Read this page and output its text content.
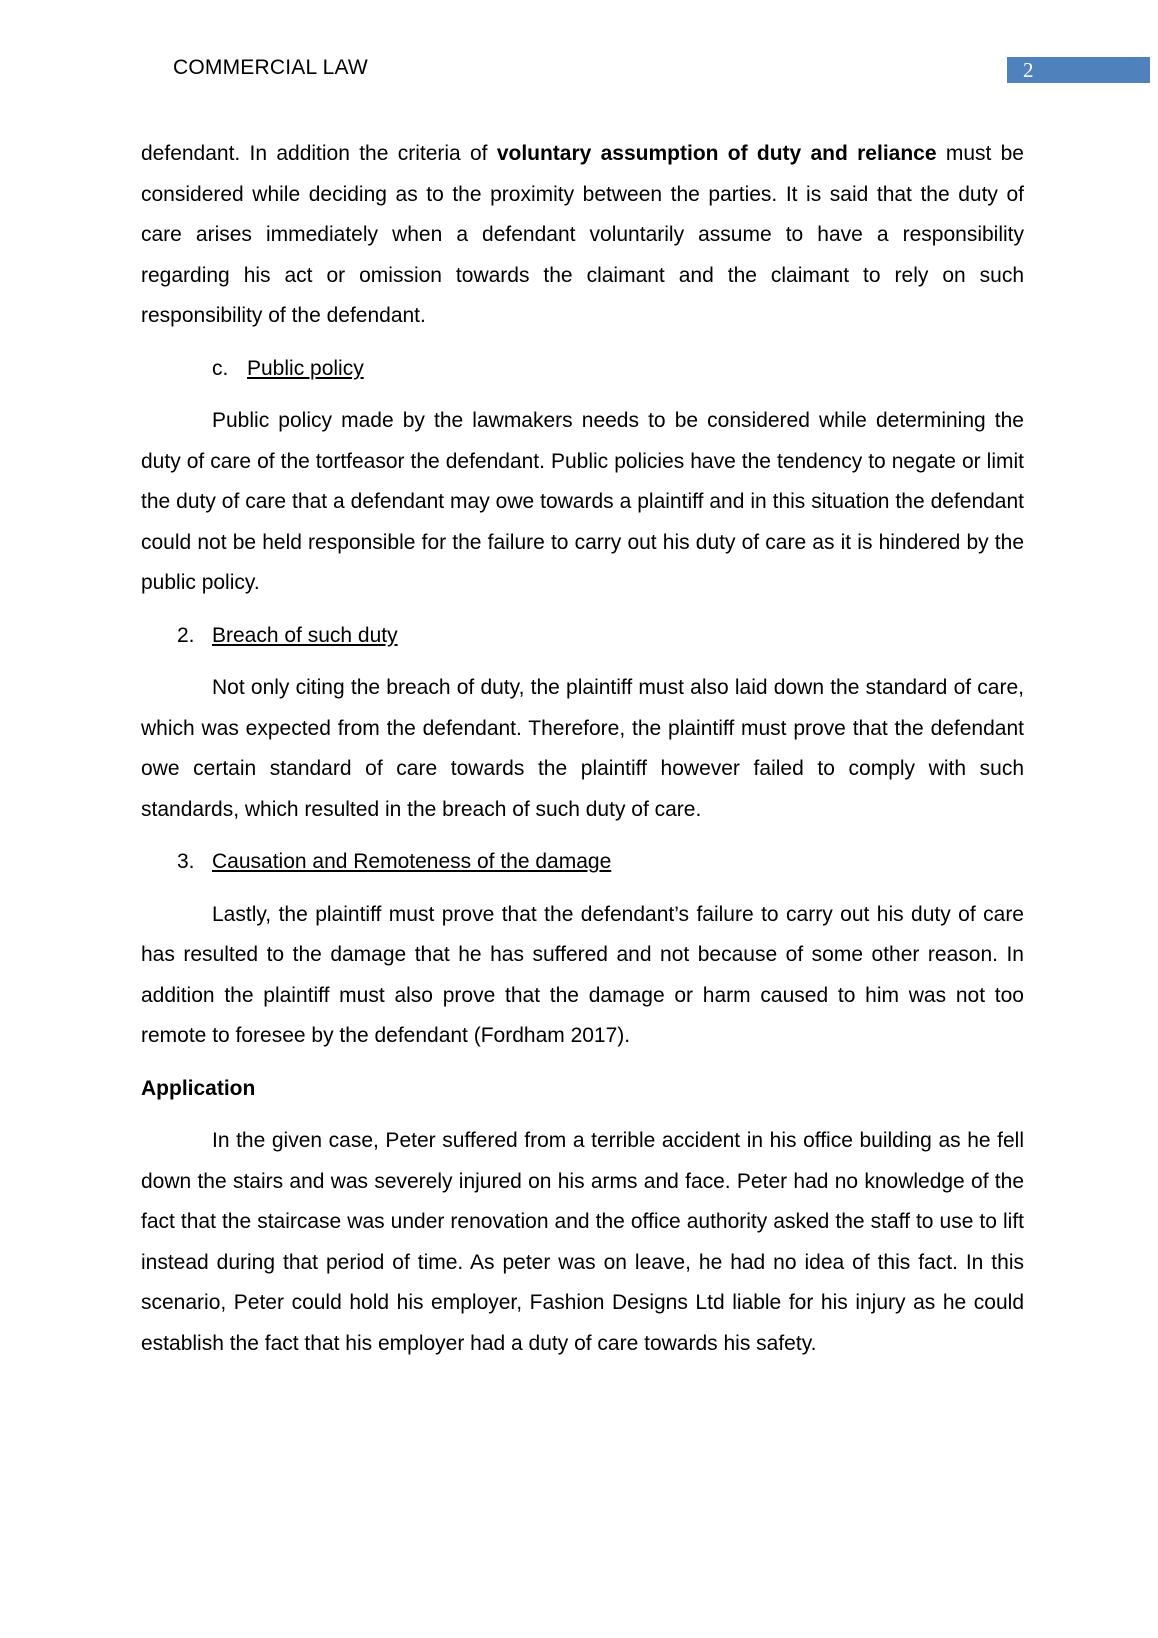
COMMERCIAL LAW	2

defendant. In addition the criteria of voluntary assumption of duty and reliance must be considered while deciding as to the proximity between the parties. It is said that the duty of care arises immediately when a defendant voluntarily assume to have a responsibility regarding his act or omission towards the claimant and the claimant to rely on such responsibility of the defendant.

c. Public policy

Public policy made by the lawmakers needs to be considered while determining the duty of care of the tortfeasor the defendant. Public policies have the tendency to negate or limit the duty of care that a defendant may owe towards a plaintiff and in this situation the defendant could not be held responsible for the failure to carry out his duty of care as it is hindered by the public policy.

2. Breach of such duty

Not only citing the breach of duty, the plaintiff must also laid down the standard of care, which was expected from the defendant. Therefore, the plaintiff must prove that the defendant owe certain standard of care towards the plaintiff however failed to comply with such standards, which resulted in the breach of such duty of care.

3. Causation and Remoteness of the damage

Lastly, the plaintiff must prove that the defendant’s failure to carry out his duty of care has resulted to the damage that he has suffered and not because of some other reason. In addition the plaintiff must also prove that the damage or harm caused to him was not too remote to foresee by the defendant (Fordham 2017).

Application

In the given case, Peter suffered from a terrible accident in his office building as he fell down the stairs and was severely injured on his arms and face. Peter had no knowledge of the fact that the staircase was under renovation and the office authority asked the staff to use to lift instead during that period of time. As peter was on leave, he had no idea of this fact. In this scenario, Peter could hold his employer, Fashion Designs Ltd liable for his injury as he could establish the fact that his employer had a duty of care towards his safety.
